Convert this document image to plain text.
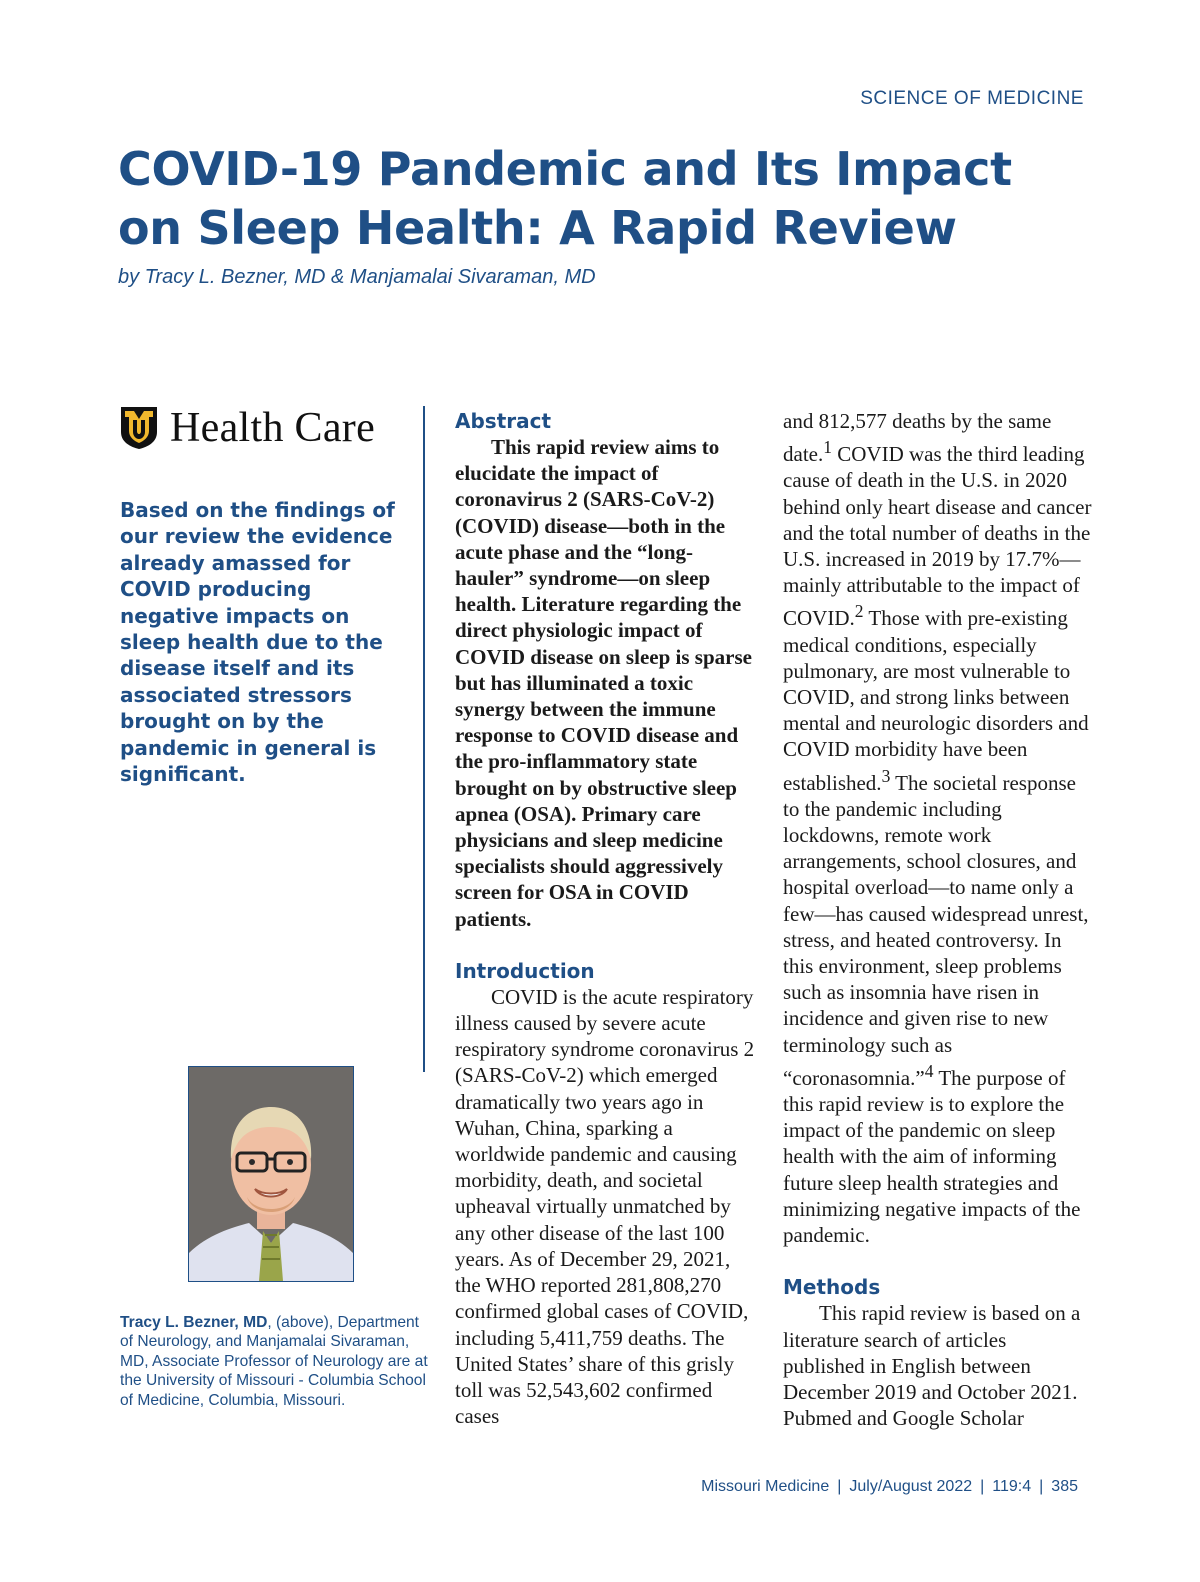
SCIENCE OF MEDICINE
COVID-19 Pandemic and Its Impact
on Sleep Health: A Rapid Review
by Tracy L. Bezner, MD & Manjamalai Sivaraman, MD
Health Care
Based on the findings of our review the evidence already amassed for COVID producing negative impacts on sleep health due to the disease itself and its associated stressors brought on by the pandemic in general is significant.
Tracy L. Bezner, MD, (above), Department of Neurology, and Manjamalai Sivaraman, MD, Associate Professor of Neurology are at the University of Missouri - Columbia School of Medicine, Columbia, Missouri.
Abstract

This rapid review aims to elucidate the impact of coronavirus 2 (SARS-CoV-2) (COVID) disease—both in the acute phase and the “long-hauler” syndrome—on sleep health. Literature regarding the direct physiologic impact of COVID disease on sleep is sparse but has illuminated a toxic synergy between the immune response to COVID disease and the pro-inflammatory state brought on by obstructive sleep apnea (OSA). Primary care physicians and sleep medicine specialists should aggressively screen for OSA in COVID patients.

Introduction

COVID is the acute respiratory illness caused by severe acute respiratory syndrome coronavirus 2 (SARS-CoV-2) which emerged dramatically two years ago in Wuhan, China, sparking a worldwide pandemic and causing morbidity, death, and societal upheaval virtually unmatched by any other disease of the last 100 years. As of December 29, 2021, the WHO reported 281,808,270 confirmed global cases of COVID, including 5,411,759 deaths. The United States’ share of this grisly toll was 52,543,602 confirmed cases

and 812,577 deaths by the same date.$^1$ COVID was the third leading cause of death in the U.S. in 2020 behind only heart disease and cancer and the total number of deaths in the U.S. increased in 2019 by 17.7%— mainly attributable to the impact of COVID.$^2$ Those with pre-existing medical conditions, especially pulmonary, are most vulnerable to COVID, and strong links between mental and neurologic disorders and COVID morbidity have been established.$^3$ The societal response to the pandemic including lockdowns, remote work arrangements, school closures, and hospital overload—to name only a few—has caused widespread unrest, stress, and heated controversy. In this environment, sleep problems such as insomnia have risen in incidence and given rise to new terminology such as “coronasomnia.”$^4$ The purpose of this rapid review is to explore the impact of the pandemic on sleep health with the aim of informing future sleep health strategies and minimizing negative impacts of the pandemic.

Methods

This rapid review is based on a literature search of articles published in English between December 2019 and October 2021. Pubmed and Google Scholar

Missouri Medicine | July/August 2022 | 119:4 | 385
